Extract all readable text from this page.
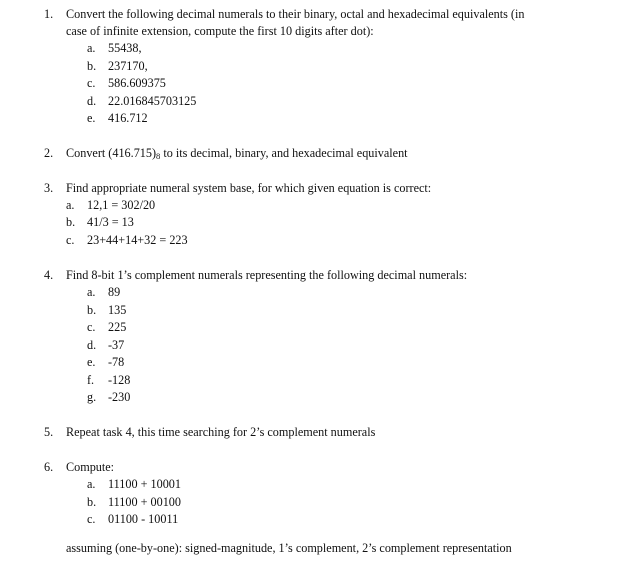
1. Convert the following decimal numerals to their binary, octal and hexadecimal equivalents (in
case of infinite extension, compute the first 10 digits after dot):
a. 55438,
b. 237170,
c. 586.609375
d. 22.016845703125
e. 416.712
2. Convert $(416.715)_8$ to its decimal, binary, and hexadecimal equivalent
3. Find appropriate numeral system base, for which given equation is correct:
a. 12,1 = 302/20
b. 41/3 = 13
c. 23+44+14+32 = 223
4. Find 8-bit 1’s complement numerals representing the following decimal numerals:
a. 89
b. 135
c. 225
d. -37
e. -78
f. -128
g. -230
5. Repeat task 4, this time searching for 2’s complement numerals
6. Compute:
a. 11100 + 10001
b. 11100 + 00100
c. 01100 - 10011
assuming (one-by-one): signed-magnitude, 1’s complement, 2’s complement representation
